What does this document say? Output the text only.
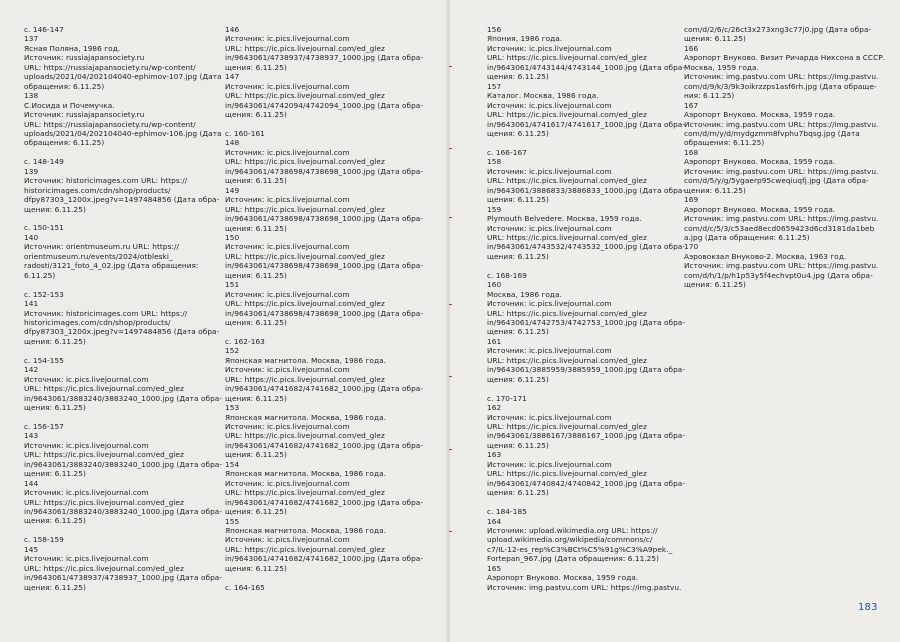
с. 146-147
137
Ясная Поляна, 1986 год.
Источник: russiajapansociety.ru
URL: https://russiajapansociety.ru/wp-content/
uploads/2021/04/202104040-ephimov-107.jpg (Дата
обращения: 6.11.25)
138
С.Иосида и Почемучка.
Источник: russiajapansociety.ru
URL: https://russiajapansociety.ru/wp-content/
uploads/2021/04/202104040-ephimov-106.jpg (Дата
обращения: 6.11.25)
с. 148-149
139
Источник: historicimages.com URL: https://
historicimages.com/cdn/shop/products/
dfpy87303_1200x.jpeg?v=1497484856 (Дата обра-
щения: 6.11.25)
с. 150-151
140
Источник: orientmuseum.ru URL: https://
orientmuseum.ru/events/2024/otbleski_
radosti/3121_foto_4_02.jpg (Дата обращения:
6.11.25)
с. 152-153
141
Источник: historicimages.com URL: https://
historicimages.com/cdn/shop/products/
dfpy87303_1200x.jpeg?v=1497484856 (Дата обра-
щения: 6.11.25)
с. 154-155
142
Источник: ic.pics.livejournal.com
URL: https://ic.pics.livejournal.com/ed_glez
in/9643061/3883240/3883240_1000.jpg (Дата обра-
щения: 6.11.25)
с. 156-157
143
Источник: ic.pics.livejournal.com
URL: https://ic.pics.livejournal.com/ed_glez
in/9643061/3883240/3883240_1000.jpg (Дата обра-
щения: 6.11.25)
144
Источник: ic.pics.livejournal.com
URL: https://ic.pics.livejournal.com/ed_glez
in/9643061/3883240/3883240_1000.jpg (Дата обра-
щения: 6.11.25)
с. 158-159
145
Источник: ic.pics.livejournal.com
URL: https://ic.pics.livejournal.com/ed_glez
in/9643061/4738937/4738937_1000.jpg (Дата обра-
щения: 6.11.25)
146
Источник: ic.pics.livejournal.com
URL: https://ic.pics.livejournal.com/ed_glez
in/9643061/4738937/4738937_1000.jpg (Дата обра-
щения: 6.11.25)
147
Источник: ic.pics.livejournal.com
URL: https://ic.pics.livejournal.com/ed_glez
in/9643061/4742094/4742094_1000.jpg (Дата обра-
щения: 6.11.25)
с. 160-161
148
Источник: ic.pics.livejournal.com
URL: https://ic.pics.livejournal.com/ed_glez
in/9643061/4738698/4738698_1000.jpg (Дата обра-
щения: 6.11.25)
149
Источник: ic.pics.livejournal.com
URL: https://ic.pics.livejournal.com/ed_glez
in/9643061/4738698/4738698_1000.jpg (Дата обра-
щения: 6.11.25)
150
Источник: ic.pics.livejournal.com
URL: https://ic.pics.livejournal.com/ed_glez
in/9643061/4738698/4738698_1000.jpg (Дата обра-
щения: 6.11.25)
151
Источник: ic.pics.livejournal.com
URL: https://ic.pics.livejournal.com/ed_glez
in/9643061/4738698/4738698_1000.jpg (Дата обра-
щения: 6.11.25)
с. 162-163
152
Японская магнитола. Москва, 1986 года.
Источник: ic.pics.livejournal.com
URL: https://ic.pics.livejournal.com/ed_glez
in/9643061/4741682/4741682_1000.jpg (Дата обра-
щения: 6.11.25)
153
Японская магнитола. Москва, 1986 года.
Источник: ic.pics.livejournal.com
URL: https://ic.pics.livejournal.com/ed_glez
in/9643061/4741682/4741682_1000.jpg (Дата обра-
щения: 6.11.25)
154
Японская магнитола. Москва, 1986 года.
Источник: ic.pics.livejournal.com
URL: https://ic.pics.livejournal.com/ed_glez
in/9643061/4741682/4741682_1000.jpg (Дата обра-
щения: 6.11.25)
155
Японская магнитола. Москва, 1986 года.
Источник: ic.pics.livejournal.com
URL: https://ic.pics.livejournal.com/ed_glez
in/9643061/4741682/4741682_1000.jpg (Дата обра-
щения: 6.11.25)
с. 164-165
156
Япония, 1986 года.
Источник: ic.pics.livejournal.com
URL: https://ic.pics.livejournal.com/ed_glez
in/9643061/4743144/4743144_1000.jpg (Дата обра-
щения: 6.11.25)
157
Каталог. Москва, 1986 года.
Источник: ic.pics.livejournal.com
URL: https://ic.pics.livejournal.com/ed_glez
in/9643061/4741617/4741617_1000.jpg (Дата обра-
щения: 6.11.25)
с. 166-167
158
Источник: ic.pics.livejournal.com
URL: https://ic.pics.livejournal.com/ed_glez
in/9643061/3886833/3886833_1000.jpg (Дата обра-
щения: 6.11.25)
159
Plymouth Belvedere. Москва, 1959 года.
Источник: ic.pics.livejournal.com
URL: https://ic.pics.livejournal.com/ed_glez
in/9643061/4743532/4743532_1000.jpg (Дата обра-
щения: 6.11.25)
с. 168-169
160
Москва, 1986 года.
Источник: ic.pics.livejournal.com
URL: https://ic.pics.livejournal.com/ed_glez
in/9643061/4742753/4742753_1000.jpg (Дата обра-
щения: 6.11.25)
161
Источник: ic.pics.livejournal.com
URL: https://ic.pics.livejournal.com/ed_glez
in/9643061/3885959/3885959_1000.jpg (Дата обра-
щения: 6.11.25)
с. 170-171
162
Источник: ic.pics.livejournal.com
URL: https://ic.pics.livejournal.com/ed_glez
in/9643061/3886167/3886167_1000.jpg (Дата обра-
щения: 6.11.25)
163
Источник: ic.pics.livejournal.com
URL: https://ic.pics.livejournal.com/ed_glez
in/9643061/4740842/4740842_1000.jpg (Дата обра-
щения: 6.11.25)
с. 184-185
164
Источник: upload.wikimedia.org URL: https://
upload.wikimedia.org/wikipedia/commons/c/
c7/IL-12-es_rep%C3%BCt%C5%91g%C3%A9pek._
Fortepan_967.jpg (Дата обращения: 6.11.25)
165
Аэропорт Внуково. Москва, 1959 года.
Источник: img.pastvu.com URL: https://img.pastvu.
com/d/2/6/c/26ct3x273xng3c77j0.jpg (Дата обра-
щения: 6.11.25)
166
Аэропорт Внуково. Визит Ричарда Никсона в СССР.
Москва, 1959 года.
Источник: img.pastvu.com URL: https://img.pastvu.
com/d/9/k/3/9k3oikrzzps1asf6rh.jpg (Дата обраще-
ния: 6.11.25)
167
Аэропорт Внуково. Москва, 1959 года.
Источник: img.pastvu.com URL: https://img.pastvu.
com/d/m/y/d/mydgzmm8fvphu7bqsg.jpg (Дата
обращения: 6.11.25)
168
Аэропорт Внуково. Москва, 1959 года.
Источник: img.pastvu.com URL: https://img.pastvu.
com/d/5/y/g/5ygaerp95cweqiuqfj.jpg (Дата обра-
щения: 6.11.25)
169
Аэропорт Внуково. Москва, 1959 года.
Источник: img.pastvu.com URL: https://img.pastvu.
com/d/c/5/3/c53aed8ecd0659423d6cd3181da1beb
a.jpg (Дата обращения: 6.11.25)
170
Аэровокзал Внуково-2. Москва, 1963 год.
Источник: img.pastvu.com URL: https://img.pastvu.
com/d/h/1/p/h1p53y5f4echvpt0u4.jpg (Дата обра-
щения: 6.11.25)
183
